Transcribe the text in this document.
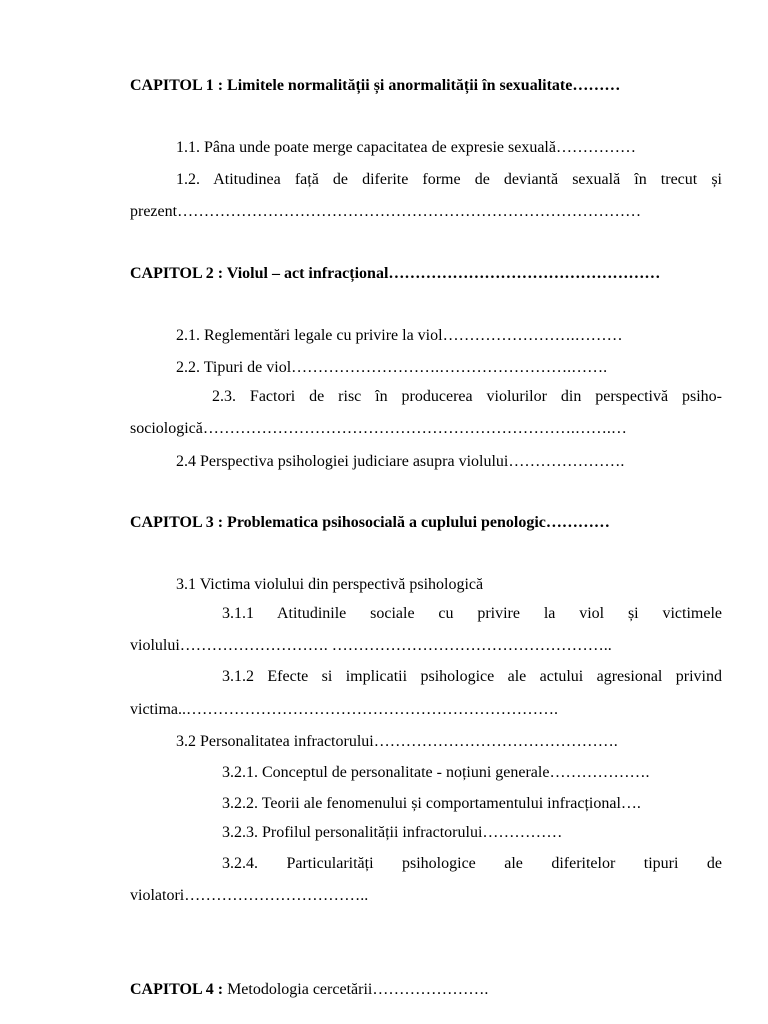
CAPITOL 1 : Limitele normalității și anormalității în sexualitate………
1.1. Pâna unde poate merge capacitatea de expresie sexuală……………
1.2. Atitudinea față de diferite forme de deviantă sexuală în trecut și
prezent……………………………………………………………………………
CAPITOL 2 : Violul – act infracțional……………………………………………
2.1. Reglementări legale cu privire la viol…………………….………
2.2. Tipuri de viol……………………….…………………….…….
2.3. Factori de risc în producerea violurilor din perspectivă psiho-
sociologică…………………………………………………………….…….…
2.4 Perspectiva psihologiei judiciare asupra violului………………….
CAPITOL 3 : Problematica psihosocială a cuplului penologic…………
3.1 Victima violului din perspectivă psihologică
3.1.1 Atitudinile sociale cu privire la viol și victimele
violului………………………. ……………………………………………..
3.1.2 Efecte si implicatii psihologice ale actului agresional privind
victima..…………………………………………………………….
3.2 Personalitatea infractorului……………………………………….
3.2.1. Conceptul de personalitate - noțiuni generale……………….
3.2.2. Teorii ale fenomenului și comportamentului infracțional….
3.2.3. Profilul personalității infractorului……………
3.2.4. Particularități psihologice ale diferitelor tipuri de
violatori……………………………..
CAPITOL 4 : Metodologia cercetării………………….
